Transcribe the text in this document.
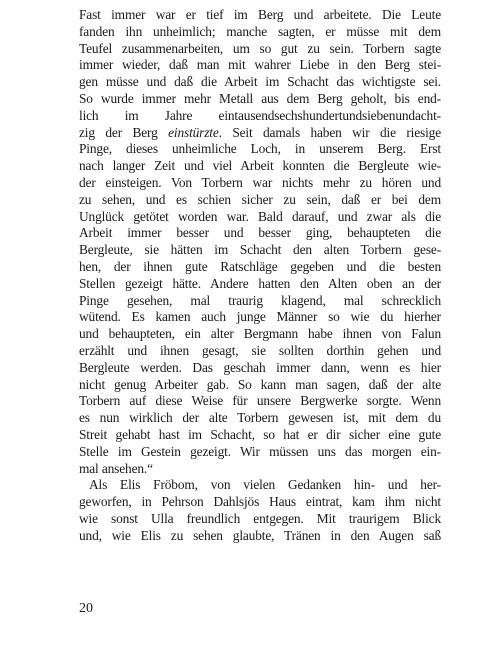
Fast immer war er tief im Berg und arbeitete. Die Leute
fanden ihn unheimlich; manche sagten, er müsse mit dem
Teufel zusammenarbeiten, um so gut zu sein. Torbern sagte
immer wieder, daß man mit wahrer Liebe in den Berg stei-
gen müsse und daß die Arbeit im Schacht das wichtigste sei.
So wurde immer mehr Metall aus dem Berg geholt, bis end-
lich im Jahre eintausendsechshundertundsiebenundacht-
zig der Berg einstürzte. Seit damals haben wir die riesige
Pinge, dieses unheimliche Loch, in unserem Berg. Erst
nach langer Zeit und viel Arbeit konnten die Bergleute wie-
der einsteigen. Von Torbern war nichts mehr zu hören und
zu sehen, und es schien sicher zu sein, daß er bei dem
Unglück getötet worden war. Bald darauf, und zwar als die
Arbeit immer besser und besser ging, behaupteten die
Bergleute, sie hätten im Schacht den alten Torbern gese-
hen, der ihnen gute Ratschläge gegeben und die besten
Stellen gezeigt hätte. Andere hatten den Alten oben an der
Pinge gesehen, mal traurig klagend, mal schrecklich
wütend. Es kamen auch junge Männer so wie du hierher
und behaupteten, ein alter Bergmann habe ihnen von Falun
erzählt und ihnen gesagt, sie sollten dorthin gehen und
Bergleute werden. Das geschah immer dann, wenn es hier
nicht genug Arbeiter gab. So kann man sagen, daß der alte
Torbern auf diese Weise für unsere Bergwerke sorgte. Wenn
es nun wirklich der alte Torbern gewesen ist, mit dem du
Streit gehabt hast im Schacht, so hat er dir sicher eine gute
Stelle im Gestein gezeigt. Wir müssen uns das morgen ein-
mal ansehen.“
Als Elis Fröbom, von vielen Gedanken hin- und her-
geworfen, in Pehrson Dahlsjös Haus eintrat, kam ihm nicht
wie sonst Ulla freundlich entgegen. Mit traurigem Blick
und, wie Elis zu sehen glaubte, Tränen in den Augen saß
20
